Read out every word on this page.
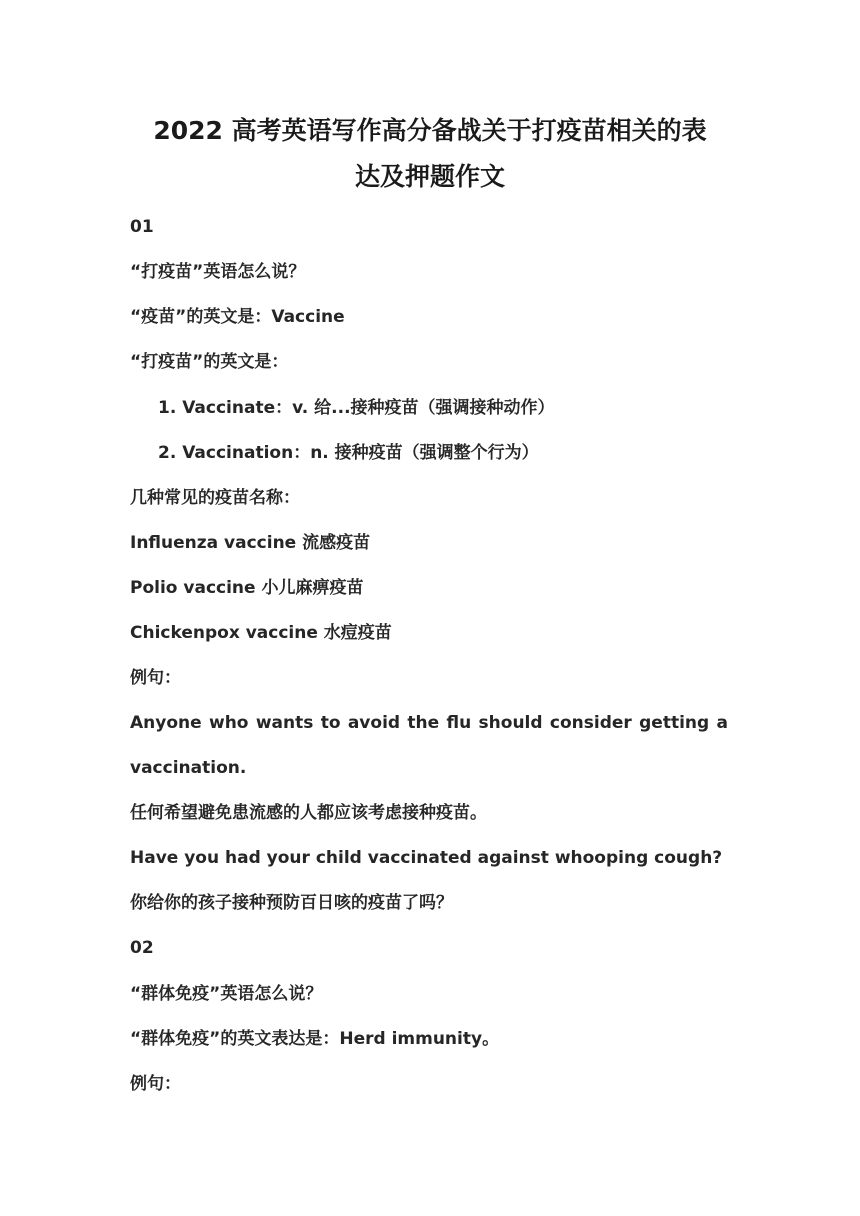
2022 高考英语写作高分备战关于打疫苗相关的表
达及押题作文
01
“打疫苗”英语怎么说？
“疫苗”的英文是：Vaccine
“打疫苗”的英文是：
1. Vaccinate：v. 给...接种疫苗（强调接种动作）
2. Vaccination：n. 接种疫苗（强调整个行为）
几种常见的疫苗名称：
Influenza vaccine 流感疫苗
Polio vaccine 小儿麻痹疫苗
Chickenpox vaccine 水痘疫苗
例句：
Anyone who wants to avoid the flu should consider getting a
vaccination.
任何希望避免患流感的人都应该考虑接种疫苗。
Have you had your child vaccinated against whooping cough?
你给你的孩子接种预防百日咳的疫苗了吗？
02
“群体免疫”英语怎么说？
“群体免疫”的英文表达是：Herd immunity。
例句：
